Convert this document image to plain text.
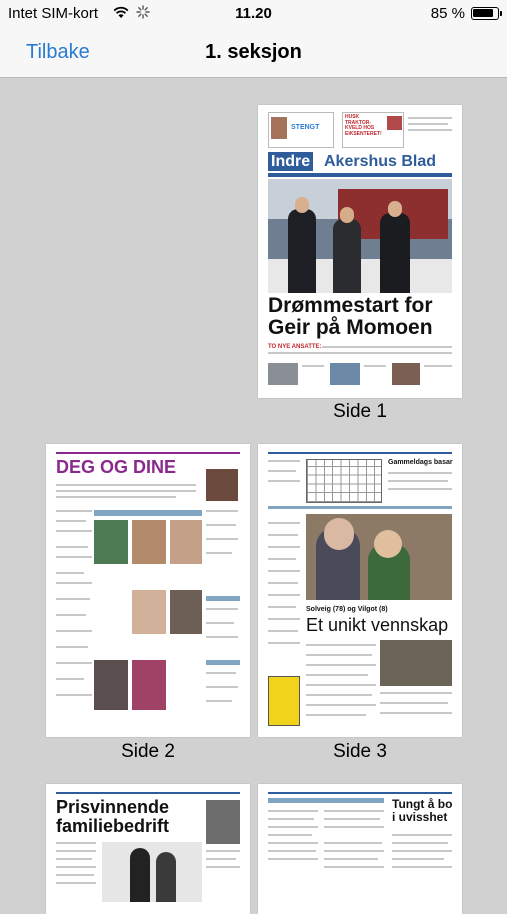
Intet SIM-kort	11.20	85 %
Tilbake	1. seksjon
STENGT
HUSK TRAKTOR-KVELD HOS EIKSENTERET!
Indre Akershus Blad
Drømmestart for Geir på Momoen
TO NYE ANSATTE:
Side 1
DEG OG DINE
Side 2
Gammeldags basar
Solveig (78) og Vilgot (8)
Et unikt vennskap
Side 3
Prisvinnende familiebedrift
Tungt å bo i uvisshet
